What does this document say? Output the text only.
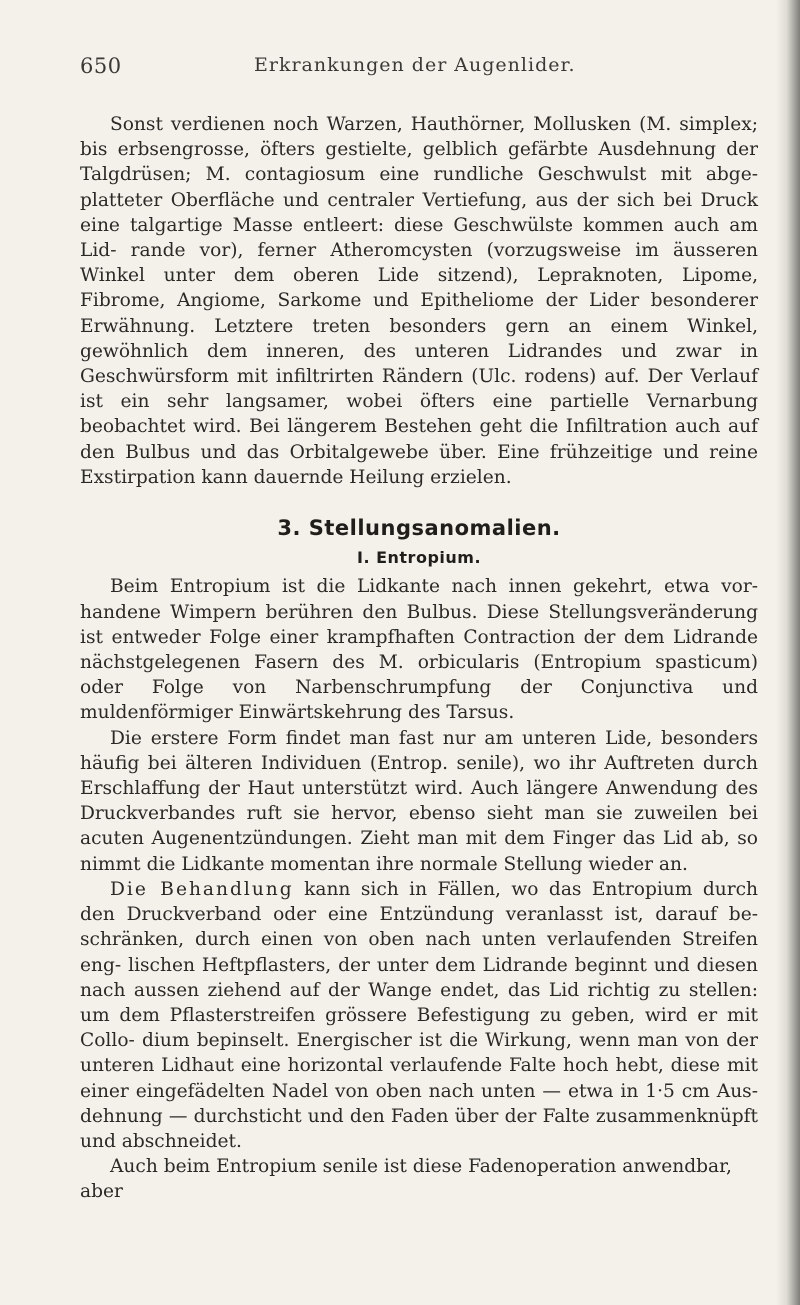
650	Erkrankungen der Augenlider.

Sonst verdienen noch Warzen, Hauthörner, Mollusken (M. simplex; bis erbsengrosse, öfters gestielte, gelblich gefärbte Ausdehnung der Talgdrüsen; M. contagiosum eine rundliche Geschwulst mit abge- platteter Oberfläche und centraler Vertiefung, aus der sich bei Druck eine talgartige Masse entleert: diese Geschwülste kommen auch am Lid- rande vor), ferner Atheromcysten (vorzugsweise im äusseren Winkel unter dem oberen Lide sitzend), Lepraknoten, Lipome, Fibrome, Angiome, Sarkome und Epitheliome der Lider besonderer Erwähnung. Letztere treten besonders gern an einem Winkel, gewöhnlich dem inneren, des unteren Lidrandes und zwar in Geschwürsform mit infiltrirten Rändern (Ulc. rodens) auf. Der Verlauf ist ein sehr langsamer, wobei öfters eine partielle Vernarbung beobachtet wird. Bei längerem Bestehen geht die Infiltration auch auf den Bulbus und das Orbitalgewebe über. Eine frühzeitige und reine Exstirpation kann dauernde Heilung erzielen.

3. Stellungsanomalien.
I. Entropium.

Beim Entropium ist die Lidkante nach innen gekehrt, etwa vor- handene Wimpern berühren den Bulbus. Diese Stellungsveränderung ist entweder Folge einer krampfhaften Contraction der dem Lidrande nächstgelegenen Fasern des M. orbicularis (Entropium spasticum) oder Folge von Narbenschrumpfung der Conjunctiva und muldenförmiger Einwärtskehrung des Tarsus.

Die erstere Form findet man fast nur am unteren Lide, besonders häufig bei älteren Individuen (Entrop. senile), wo ihr Auftreten durch Erschlaffung der Haut unterstützt wird. Auch längere Anwendung des Druckverbandes ruft sie hervor, ebenso sieht man sie zuweilen bei acuten Augenentzündungen. Zieht man mit dem Finger das Lid ab, so nimmt die Lidkante momentan ihre normale Stellung wieder an.

Die Behandlung kann sich in Fällen, wo das Entropium durch den Druckverband oder eine Entzündung veranlasst ist, darauf be- schränken, durch einen von oben nach unten verlaufenden Streifen eng- lischen Heftpflasters, der unter dem Lidrande beginnt und diesen nach aussen ziehend auf der Wange endet, das Lid richtig zu stellen: um dem Pflasterstreifen grössere Befestigung zu geben, wird er mit Collo- dium bepinselt. Energischer ist die Wirkung, wenn man von der unteren Lidhaut eine horizontal verlaufende Falte hoch hebt, diese mit einer eingefädelten Nadel von oben nach unten — etwa in 1·5 cm Aus- dehnung — durchsticht und den Faden über der Falte zusammenknüpft und abschneidet.

Auch beim Entropium senile ist diese Fadenoperation anwendbar, aber
